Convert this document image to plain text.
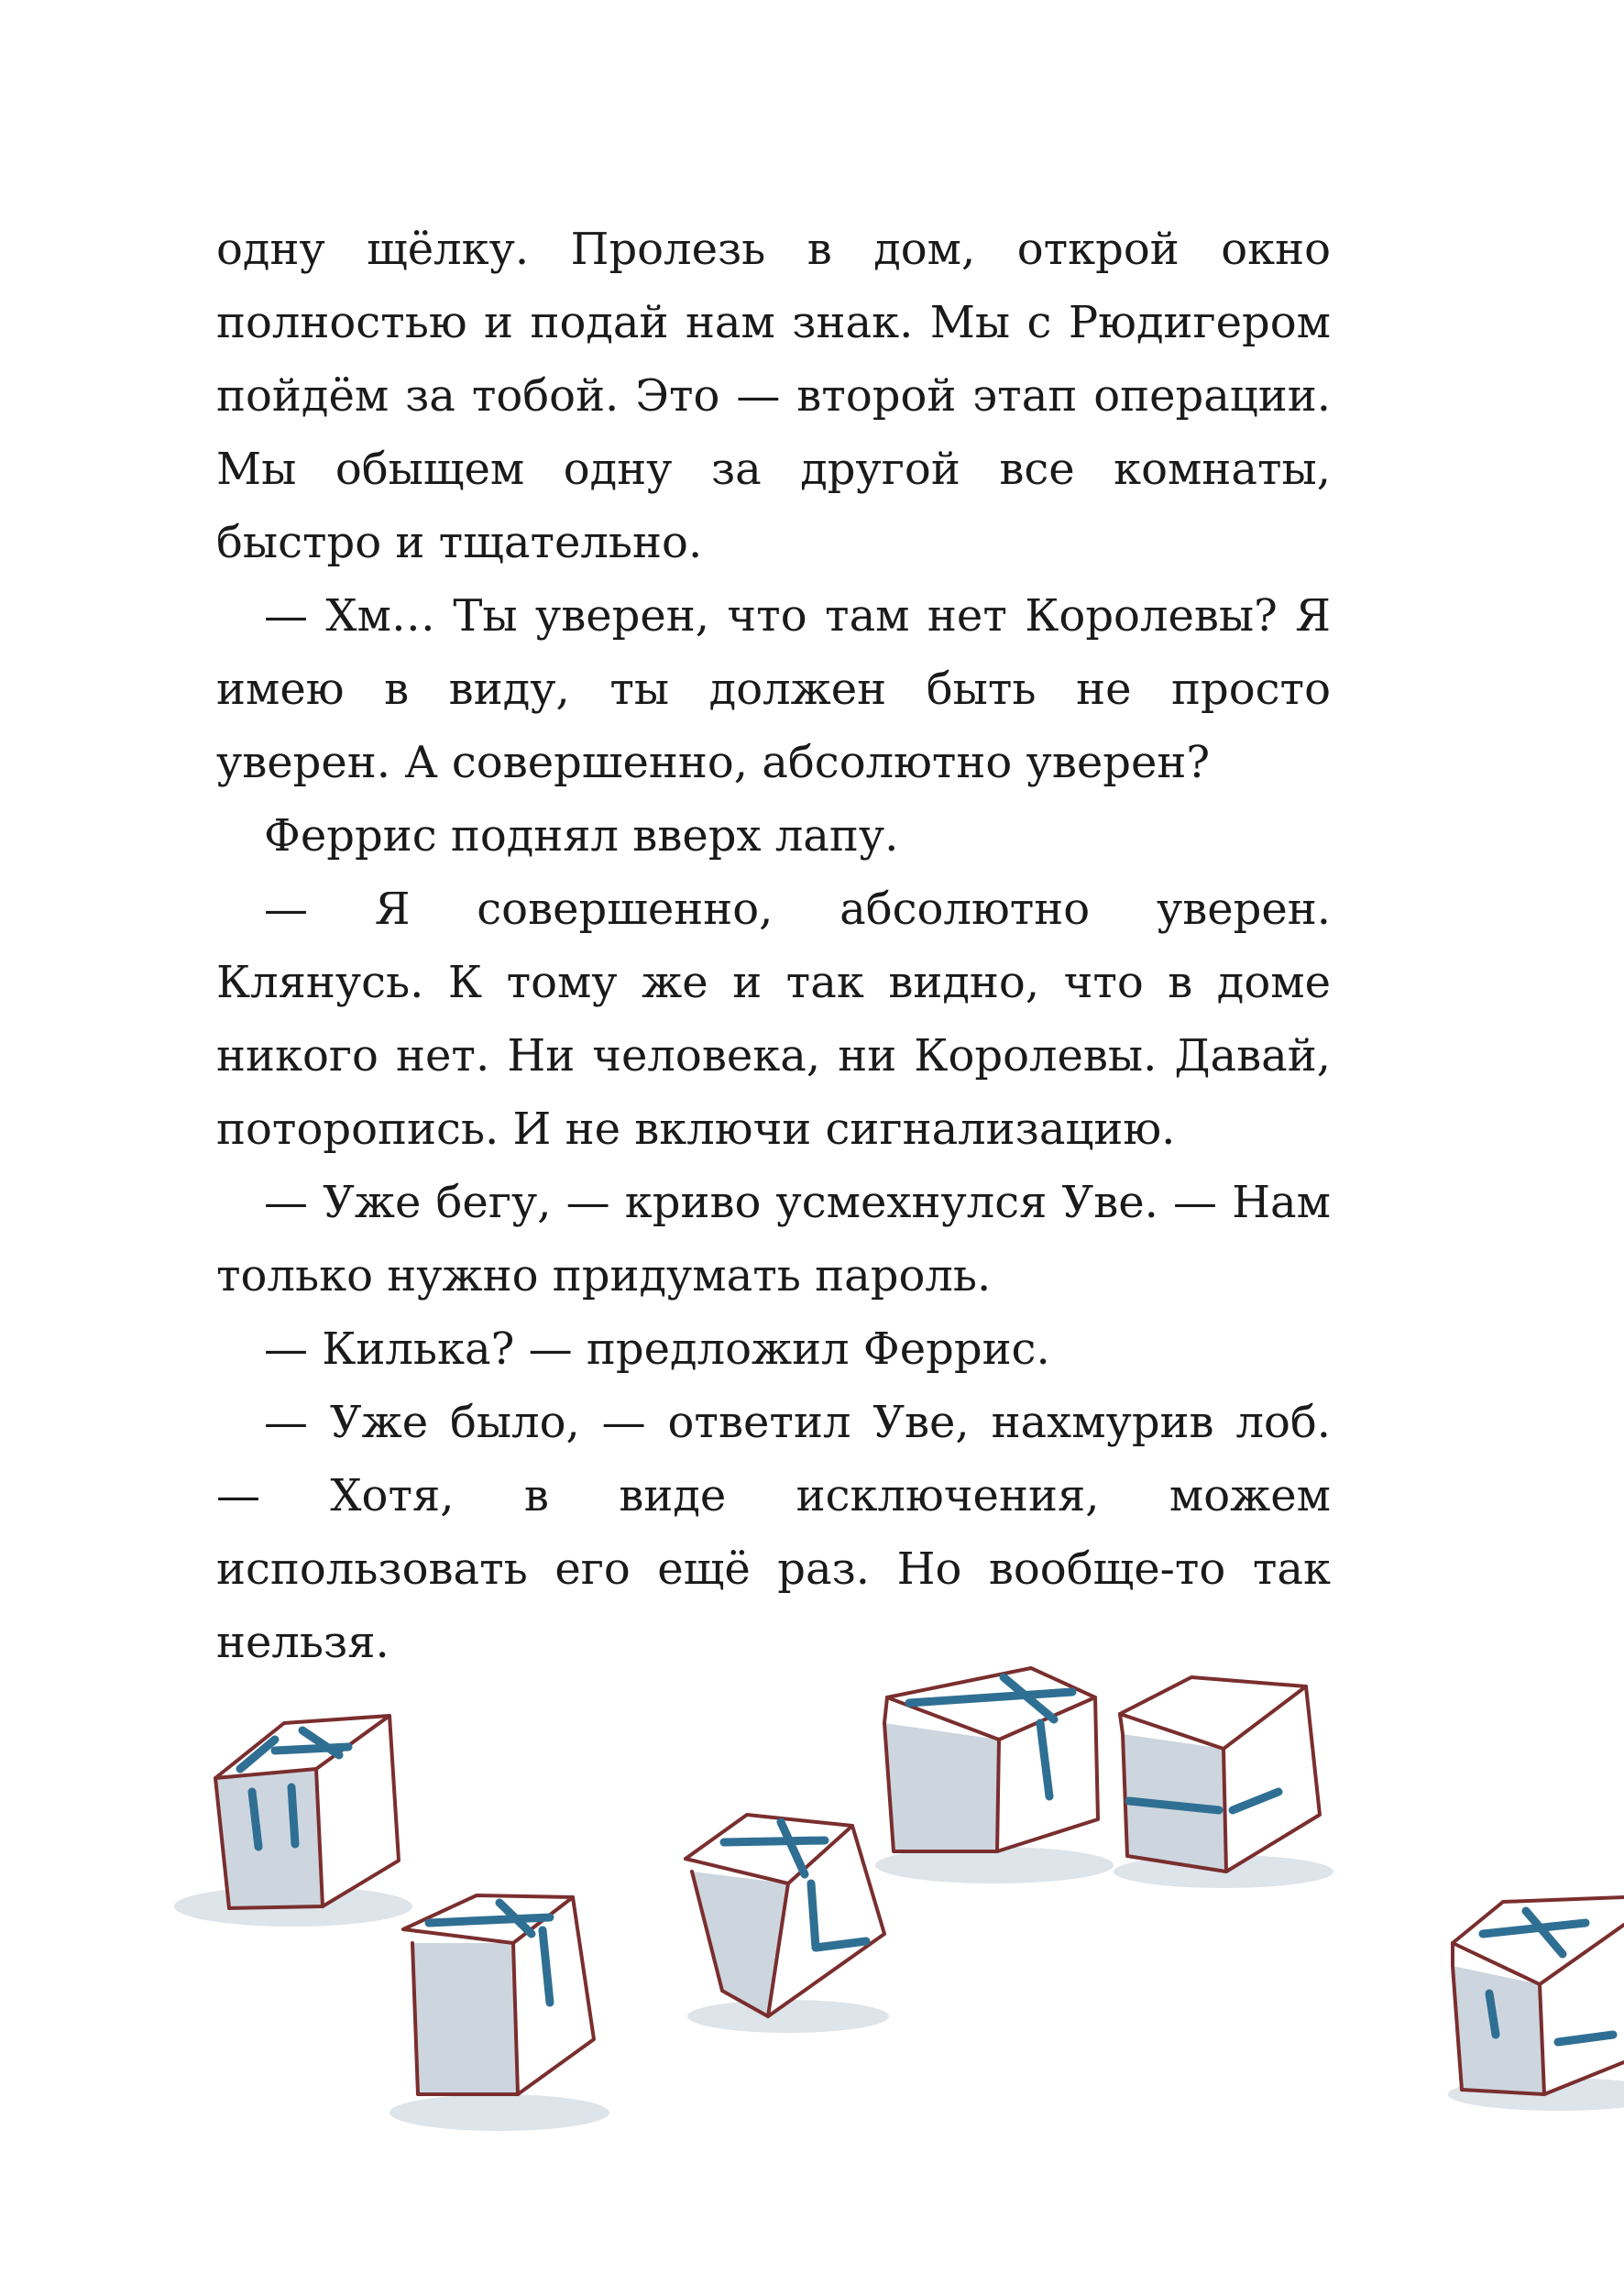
одну щёлку. Пролезь в дом, открой окно полностью и подай нам знак. Мы с Рюдигером пойдём за тобой. Это — второй этап операции. Мы обыщем одну за другой все комнаты, быстро и тщательно.

— Хм… Ты уверен, что там нет Королевы? Я имею в виду, ты должен быть не просто уверен. А совершенно, абсолютно уверен?

Феррис поднял вверх лапу.

— Я совершенно, абсолютно уверен. Клянусь. К тому же и так видно, что в доме никого нет. Ни человека, ни Королевы. Давай, поторопись. И не включи сигнализацию.

— Уже бегу, — криво усмехнулся Уве. — Нам только нужно придумать пароль.

— Килька? — предложил Феррис.

— Уже было, — ответил Уве, нахмурив лоб. — Хотя, в виде исключения, можем использовать его ещё раз. Но вообще-то так нельзя.
